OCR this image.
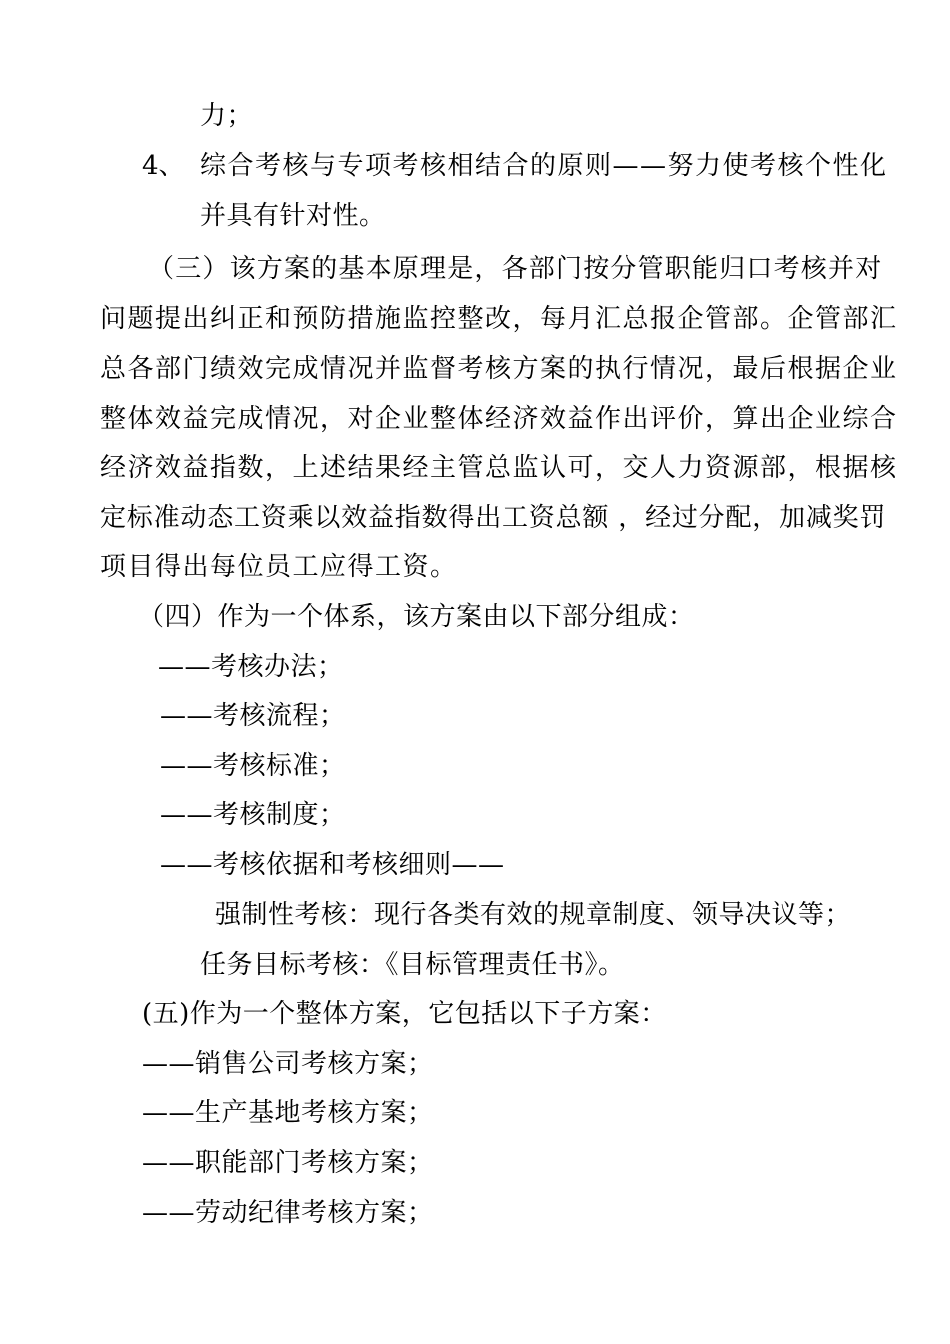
力；
4、 综合考核与专项考核相结合的原则——努力使考核个性化
并具有针对性。
（三）该方案的基本原理是，各部门按分管职能归口考核并对
问题提出纠正和预防措施监控整改，每月汇总报企管部。企管部汇
总各部门绩效完成情况并监督考核方案的执行情况，最后根据企业
整体效益完成情况，对企业整体经济效益作出评价，算出企业综合
经济效益指数，上述结果经主管总监认可，交人力资源部，根据核
定标准动态工资乘以效益指数得出工资总额 ，经过分配，加减奖罚
项目得出每位员工应得工资。
（四）作为一个体系，该方案由以下部分组成：
——考核办法；
——考核流程；
——考核标准；
——考核制度；
——考核依据和考核细则——
强制性考核：现行各类有效的规章制度、领导决议等；
任务目标考核：《目标管理责任书》。
(五)作为一个整体方案，它包括以下子方案：
——销售公司考核方案；
——生产基地考核方案；
——职能部门考核方案；
——劳动纪律考核方案；
